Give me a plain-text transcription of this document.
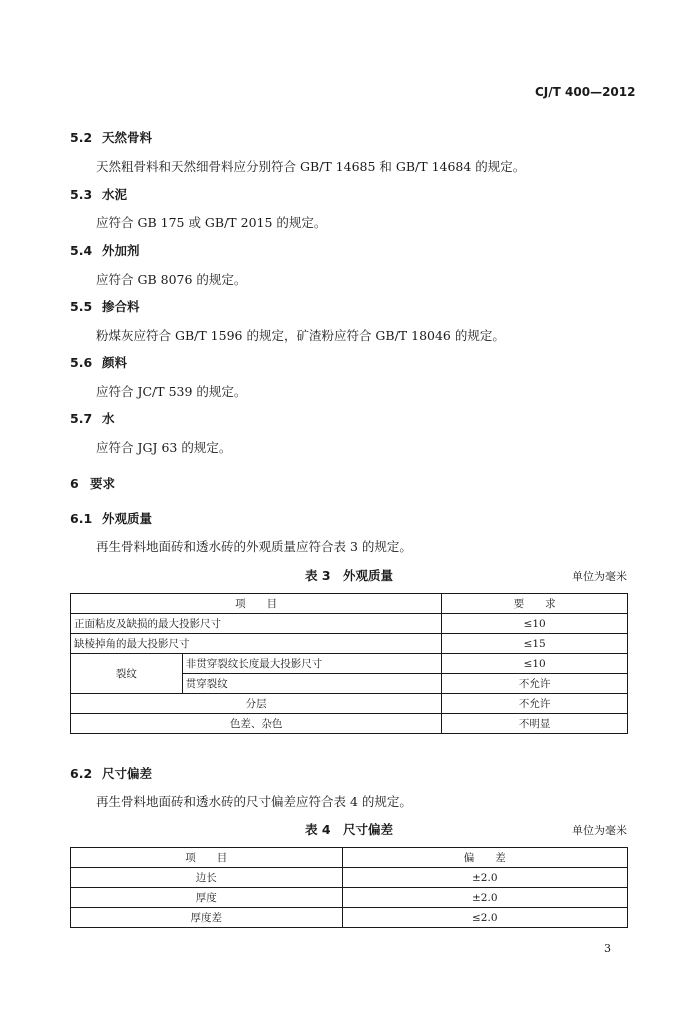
CJ/T 400—2012
5.2 天然骨料
天然粗骨料和天然细骨料应分别符合 GB/T 14685 和 GB/T 14684 的规定。
5.3 水泥
应符合 GB 175 或 GB/T 2015 的规定。
5.4 外加剂
应符合 GB 8076 的规定。
5.5 掺合料
粉煤灰应符合 GB/T 1596 的规定，矿渣粉应符合 GB/T 18046 的规定。
5.6 颜料
应符合 JC/T 539 的规定。
5.7 水
应符合 JGJ 63 的规定。
6 要求
6.1 外观质量
再生骨料地面砖和透水砖的外观质量应符合表 3 的规定。
表 3　外观质量	单位为毫米
项　　目		要　　求
正面粘皮及缺损的最大投影尺寸		≤10
缺棱掉角的最大投影尺寸		≤15
裂纹	非贯穿裂纹长度最大投影尺寸	≤10
	贯穿裂纹	不允许
分层		不允许
色差、杂色		不明显
6.2 尺寸偏差
再生骨料地面砖和透水砖的尺寸偏差应符合表 4 的规定。
表 4　尺寸偏差	单位为毫米
项　　目	偏　　差
边长	±2.0
厚度	±2.0
厚度差	≤2.0
3
